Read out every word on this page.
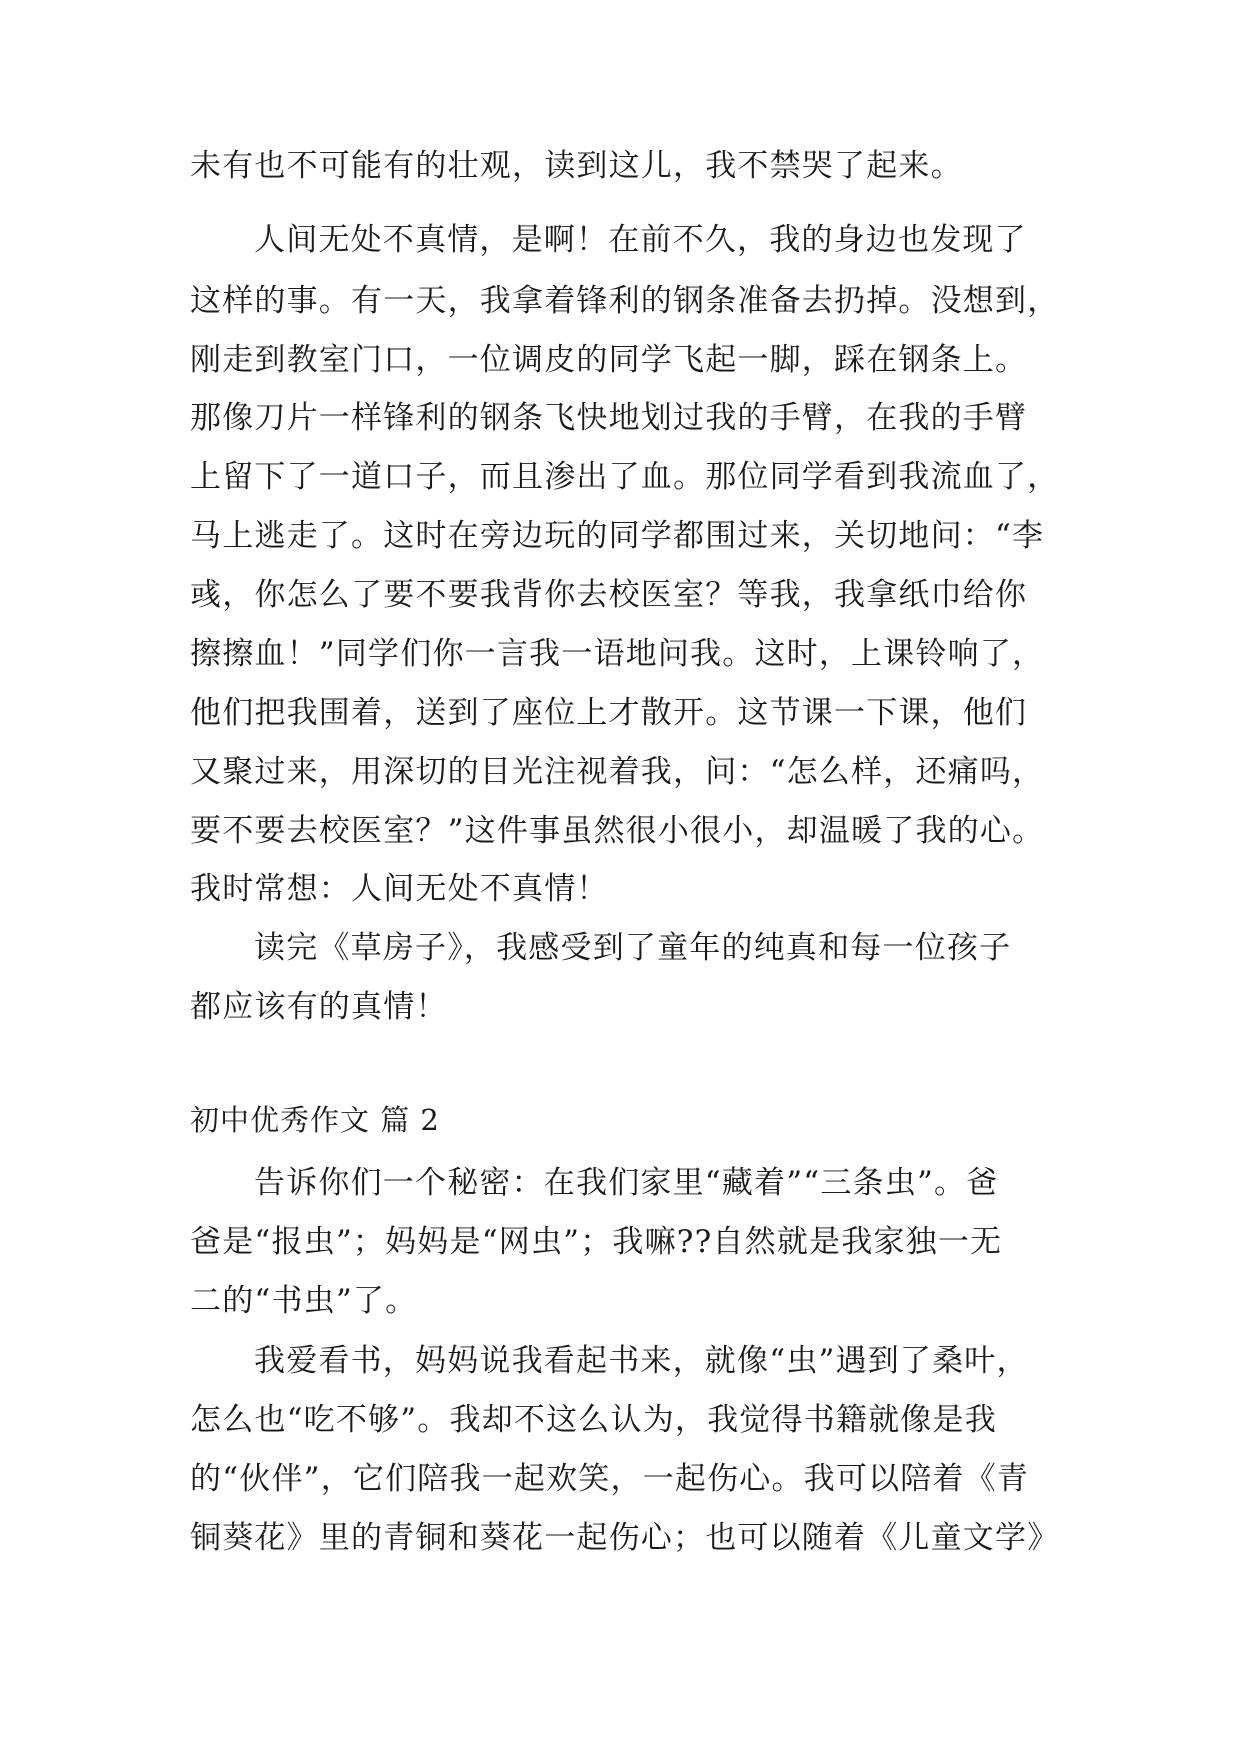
未有也不可能有的壮观，读到这儿，我不禁哭了起来。
人间无处不真情，是啊！在前不久，我的身边也发现了
这样的事。有一天，我拿着锋利的钢条准备去扔掉。没想到，
刚走到教室门口，一位调皮的同学飞起一脚，踩在钢条上。
那像刀片一样锋利的钢条飞快地划过我的手臂，在我的手臂
上留下了一道口子，而且渗出了血。那位同学看到我流血了，
马上逃走了。这时在旁边玩的同学都围过来，关切地问：“李
彧，你怎么了要不要我背你去校医室？等我，我拿纸巾给你
擦擦血！”同学们你一言我一语地问我。这时，上课铃响了，
他们把我围着，送到了座位上才散开。这节课一下课，他们
又聚过来，用深切的目光注视着我，问：“怎么样，还痛吗，
要不要去校医室？”这件事虽然很小很小，却温暖了我的心。
我时常想：人间无处不真情！
读完《草房子》，我感受到了童年的纯真和每一位孩子
都应该有的真情！
初中优秀作文 篇 2
告诉你们一个秘密：在我们家里“藏着”“三条虫”。爸
爸是“报虫”；妈妈是“网虫”；我嘛??自然就是我家独一无
二的“书虫”了。
我爱看书，妈妈说我看起书来，就像“虫”遇到了桑叶，
怎么也“吃不够”。我却不这么认为，我觉得书籍就像是我
的“伙伴”，它们陪我一起欢笑，一起伤心。我可以陪着《青
铜葵花》里的青铜和葵花一起伤心；也可以随着《儿童文学》
